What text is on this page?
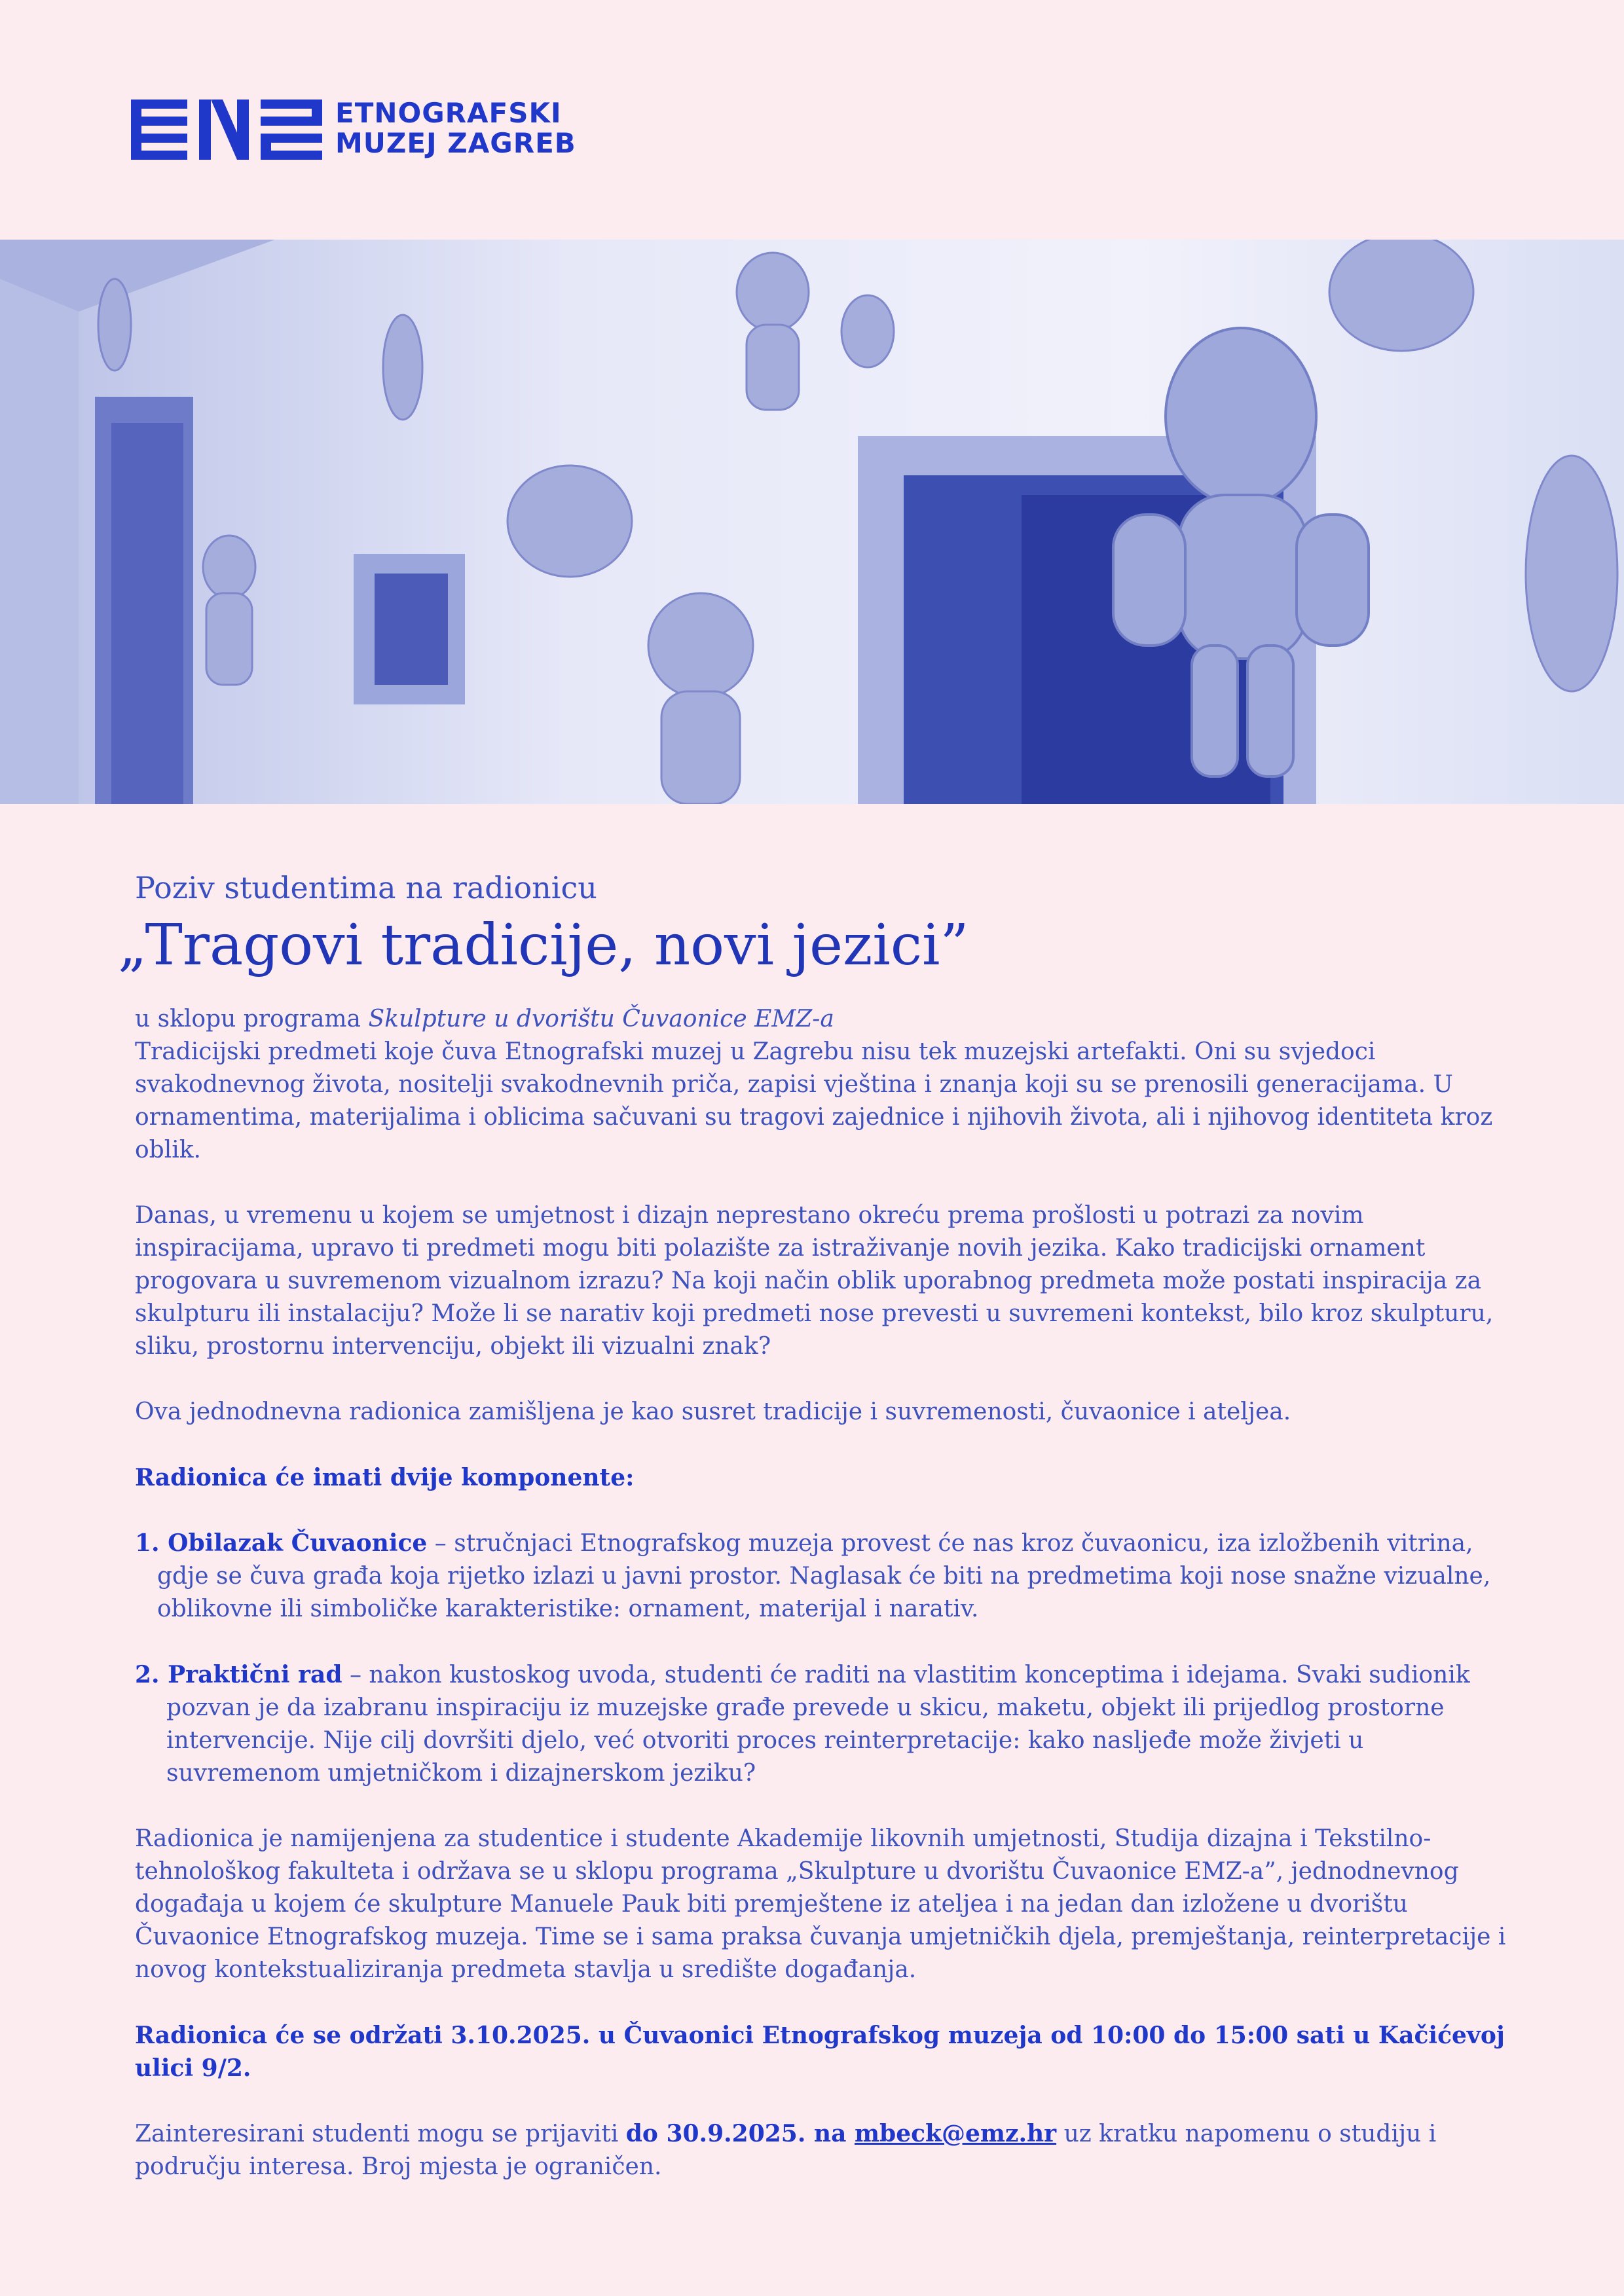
ETNOGRAFSKI
MUZEJ ZAGREB

Poziv studentima na radionicu

„Tragovi tradicije, novi jezici”

u sklopu programa Skulpture u dvorištu Čuvaonice EMZ-a

Tradicijski predmeti koje čuva Etnografski muzej u Zagrebu nisu tek muzejski artefakti. Oni su svjedoci svakodnevnog života, nositelji svakodnevnih priča, zapisi vještina i znanja koji su se prenosili generacijama. U ornamentima, materijalima i oblicima sačuvani su tragovi zajednice i njihovih života, ali i njihovog identiteta kroz oblik.

Danas, u vremenu u kojem se umjetnost i dizajn neprestano okreću prema prošlosti u potrazi za novim inspiracijama, upravo ti predmeti mogu biti polazište za istraživanje novih jezika. Kako tradicijski ornament progovara u suvremenom vizualnom izrazu? Na koji način oblik uporabnog predmeta može postati inspiracija za skulpturu ili instalaciju? Može li se narativ koji predmeti nose prevesti u suvremeni kontekst, bilo kroz skulpturu, sliku, prostornu intervenciju, objekt ili vizualni znak?

Ova jednodnevna radionica zamišljena je kao susret tradicije i suvremenosti, čuvaonice i ateljea.

Radionica će imati dvije komponente:

1. Obilazak Čuvaonice – stručnjaci Etnografskog muzeja provest će nas kroz čuvaonicu, iza izložbenih vitrina,
gdje se čuva građa koja rijetko izlazi u javni prostor. Naglasak će biti na predmetima koji nose snažne vizualne,
oblikovne ili simboličke karakteristike: ornament, materijal i narativ.

2. Praktični rad – nakon kustoskog uvoda, studenti će raditi na vlastitim konceptima i idejama. Svaki sudionik
pozvan je da izabranu inspiraciju iz muzejske građe prevede u skicu, maketu, objekt ili prijedlog prostorne
intervencije. Nije cilj dovršiti djelo, već otvoriti proces reinterpretacije: kako nasljeđe može živjeti u
suvremenom umjetničkom i dizajnerskom jeziku?

Radionica je namijenjena za studentice i studente Akademije likovnih umjetnosti, Studija dizajna i Tekstilno-tehnološkog fakulteta i održava se u sklopu programa „Skulpture u dvorištu Čuvaonice EMZ-a”, jednodnevnog događaja u kojem će skulpture Manuele Pauk biti premještene iz ateljea i na jedan dan izložene u dvorištu Čuvaonice Etnografskog muzeja. Time se i sama praksa čuvanja umjetničkih djela, premještanja, reinterpretacije i novog kontekstualiziranja predmeta stavlja u središte događanja.

Radionica će se održati 3.10.2025. u Čuvaonici Etnografskog muzeja od 10:00 do 15:00 sati u Kačićevoj ulici 9/2.

Zainteresirani studenti mogu se prijaviti do 30.9.2025. na mbeck@emz.hr uz kratku napomenu o studiju i području interesa. Broj mjesta je ograničen.
